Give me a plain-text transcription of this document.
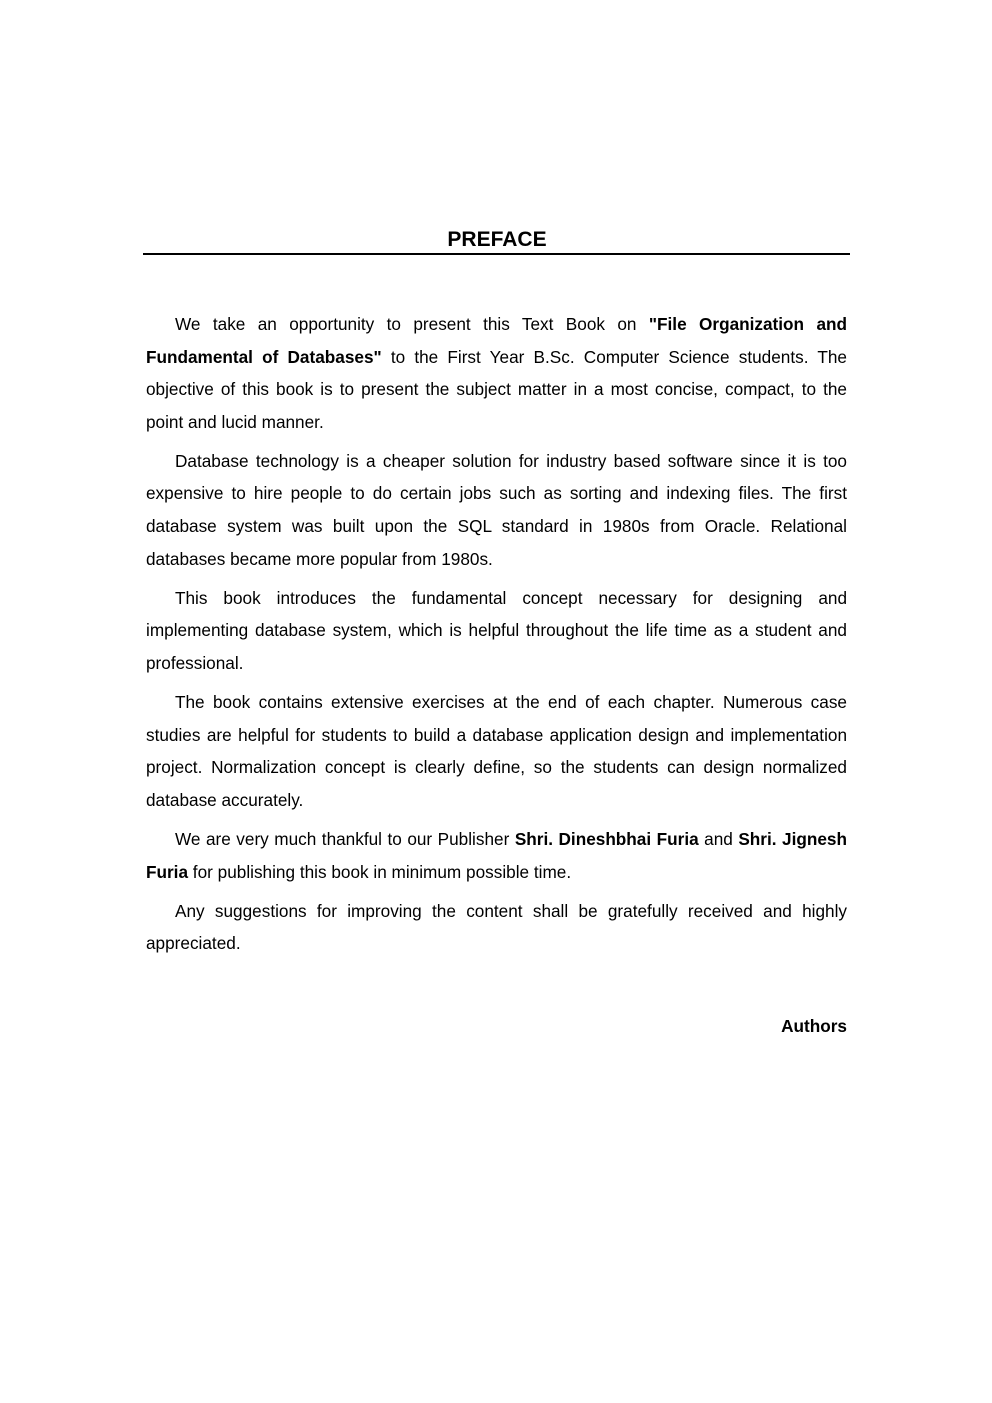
PREFACE

We take an opportunity to present this Text Book on "File Organization and Fundamental of Databases" to the First Year B.Sc. Computer Science students. The objective of this book is to present the subject matter in a most concise, compact, to the point and lucid manner.

Database technology is a cheaper solution for industry based software since it is too expensive to hire people to do certain jobs such as sorting and indexing files. The first database system was built upon the SQL standard in 1980s from Oracle. Relational databases became more popular from 1980s.

This book introduces the fundamental concept necessary for designing and implementing database system, which is helpful throughout the life time as a student and professional.

The book contains extensive exercises at the end of each chapter. Numerous case studies are helpful for students to build a database application design and implementation project. Normalization concept is clearly define, so the students can design normalized database accurately.

We are very much thankful to our Publisher Shri. Dineshbhai Furia and Shri. Jignesh Furia for publishing this book in minimum possible time.

Any suggestions for improving the content shall be gratefully received and highly appreciated.

Authors
